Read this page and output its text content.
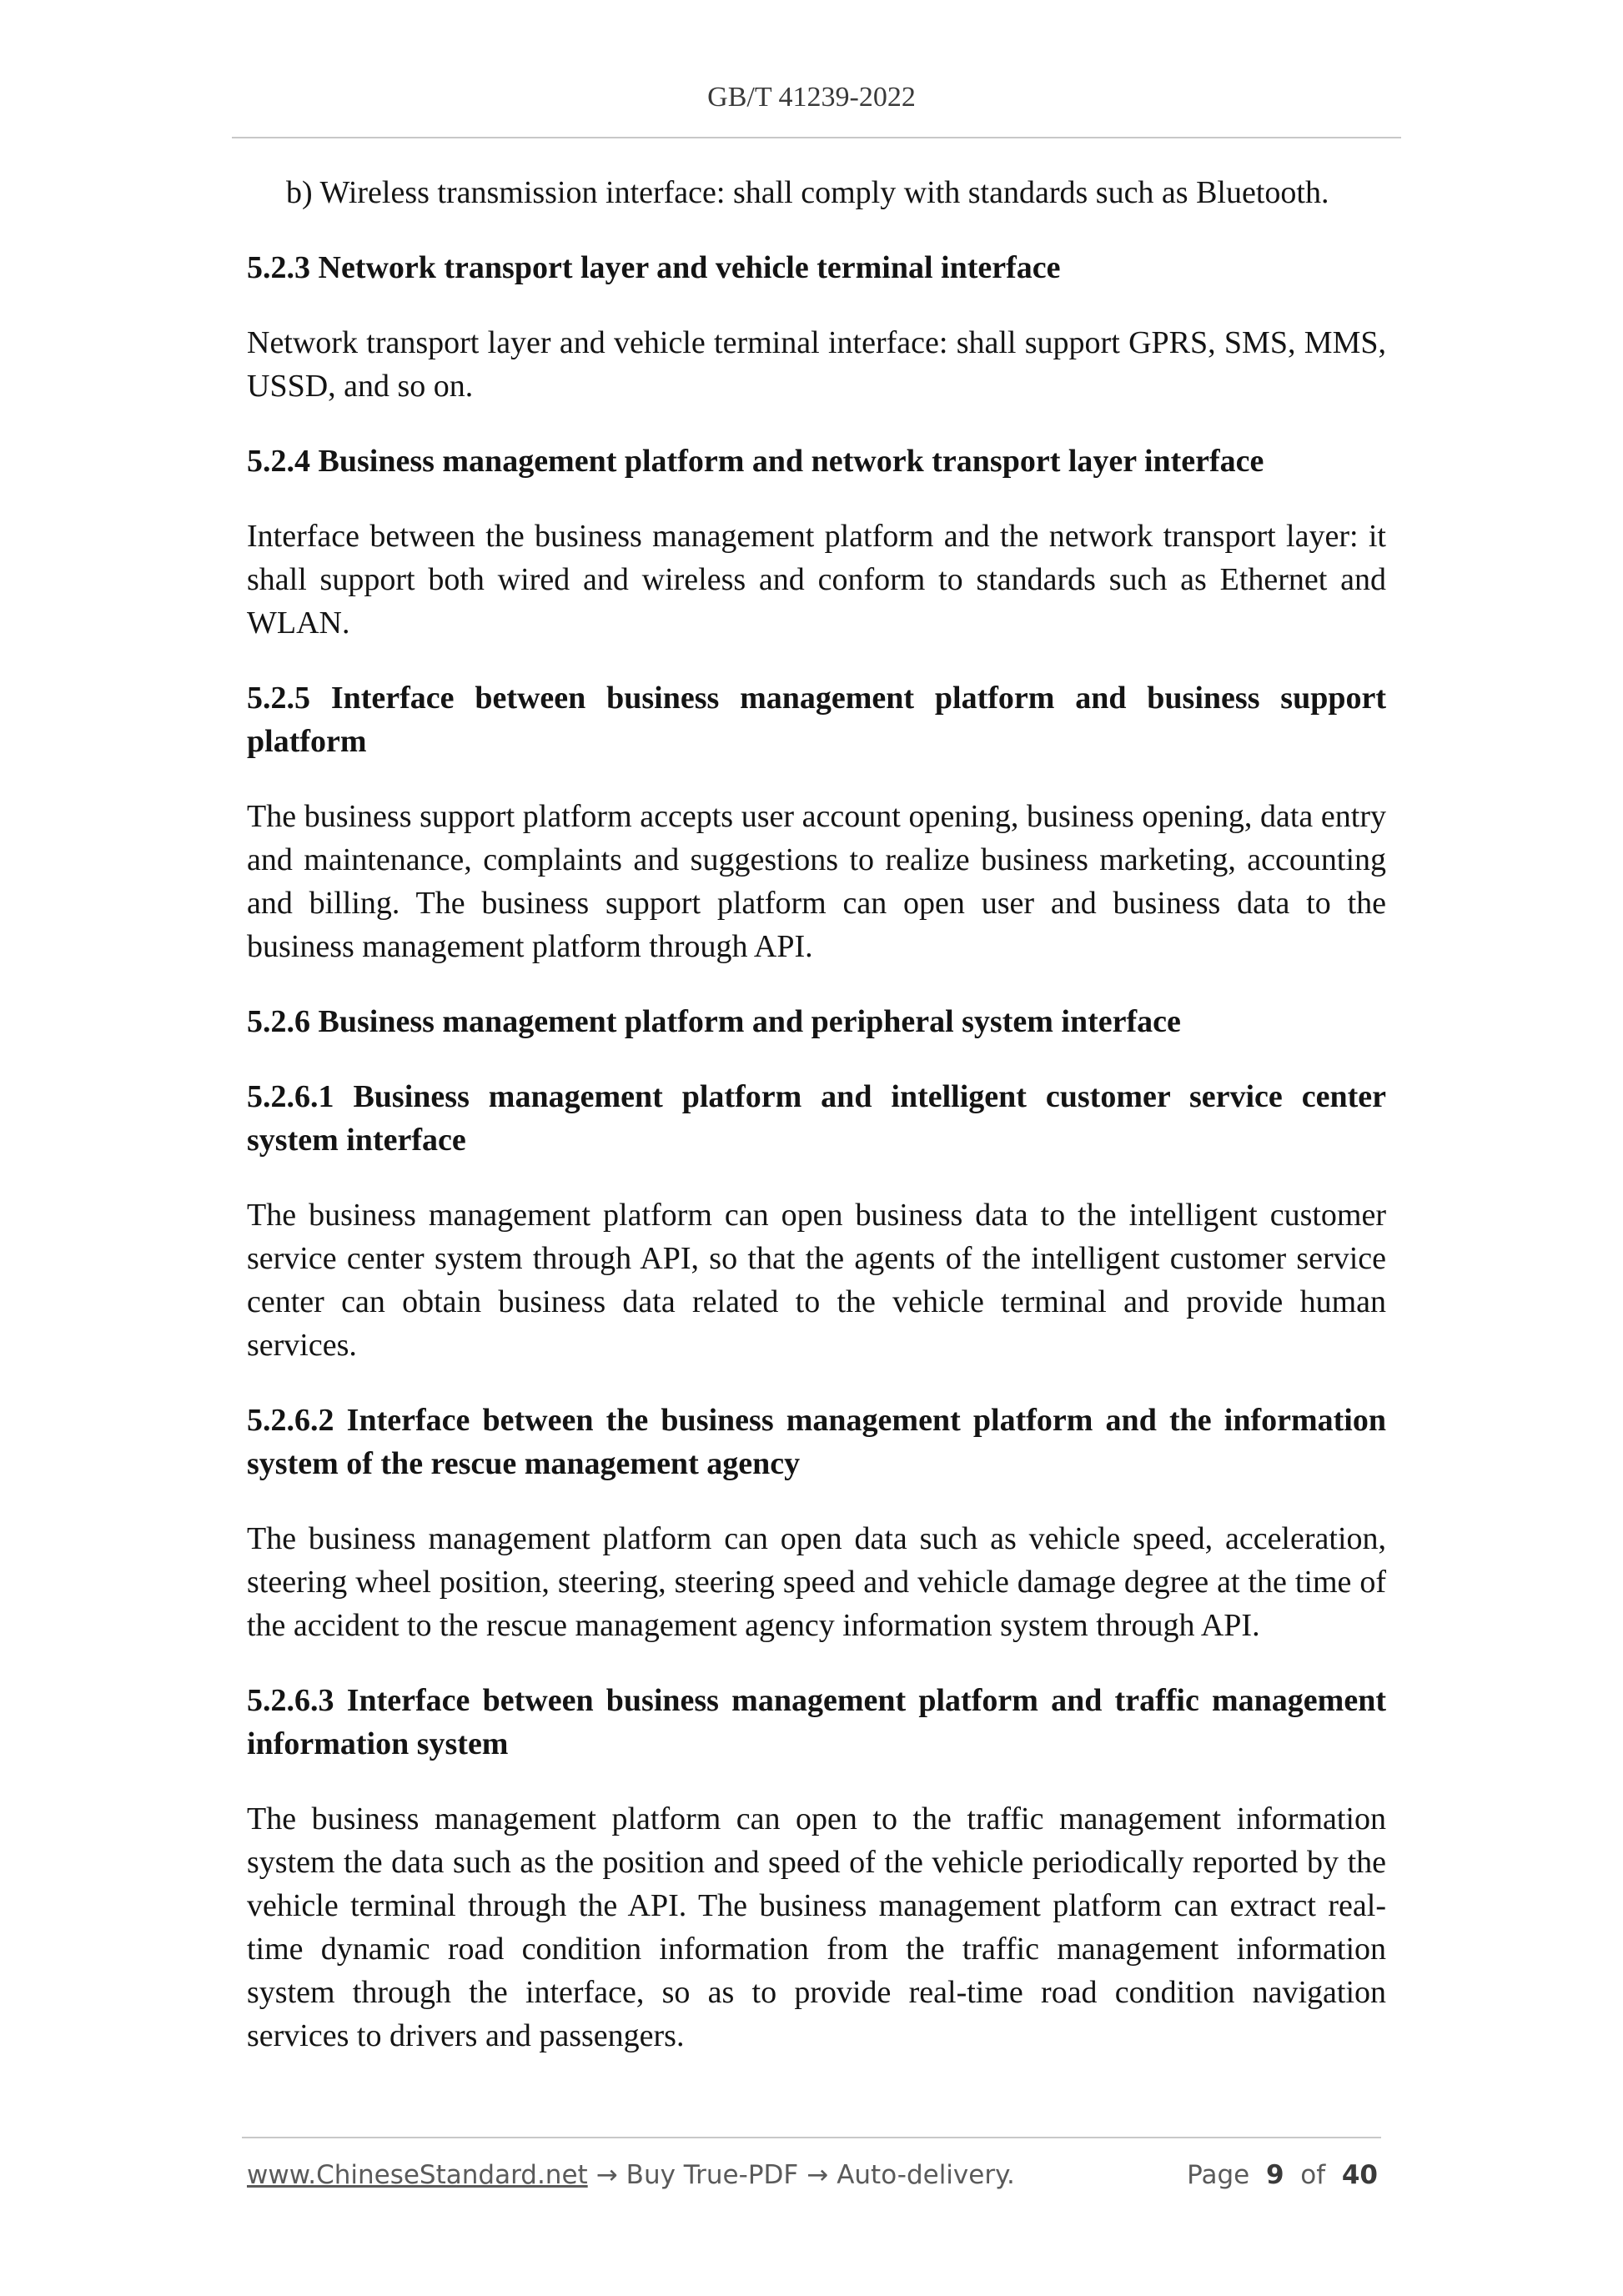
GB/T 41239-2022

b) Wireless transmission interface: shall comply with standards such as Bluetooth.

5.2.3 Network transport layer and vehicle terminal interface

Network transport layer and vehicle terminal interface: shall support GPRS, SMS, MMS, USSD, and so on.

5.2.4 Business management platform and network transport layer interface

Interface between the business management platform and the network transport layer: it shall support both wired and wireless and conform to standards such as Ethernet and WLAN.

5.2.5 Interface between business management platform and business support platform

The business support platform accepts user account opening, business opening, data entry and maintenance, complaints and suggestions to realize business marketing, accounting and billing. The business support platform can open user and business data to the business management platform through API.

5.2.6 Business management platform and peripheral system interface
5.2.6.1 Business management platform and intelligent customer service center system interface

The business management platform can open business data to the intelligent customer service center system through API, so that the agents of the intelligent customer service center can obtain business data related to the vehicle terminal and provide human services.

5.2.6.2 Interface between the business management platform and the information system of the rescue management agency

The business management platform can open data such as vehicle speed, acceleration, steering wheel position, steering, steering speed and vehicle damage degree at the time of the accident to the rescue management agency information system through API.

5.2.6.3 Interface between business management platform and traffic management information system

The business management platform can open to the traffic management information system the data such as the position and speed of the vehicle periodically reported by the vehicle terminal through the API. The business management platform can extract real-time dynamic road condition information from the traffic management information system through the interface, so as to provide real-time road condition navigation services to drivers and passengers.

www.ChineseStandard.net → Buy True-PDF → Auto-delivery.	Page 9 of 40
